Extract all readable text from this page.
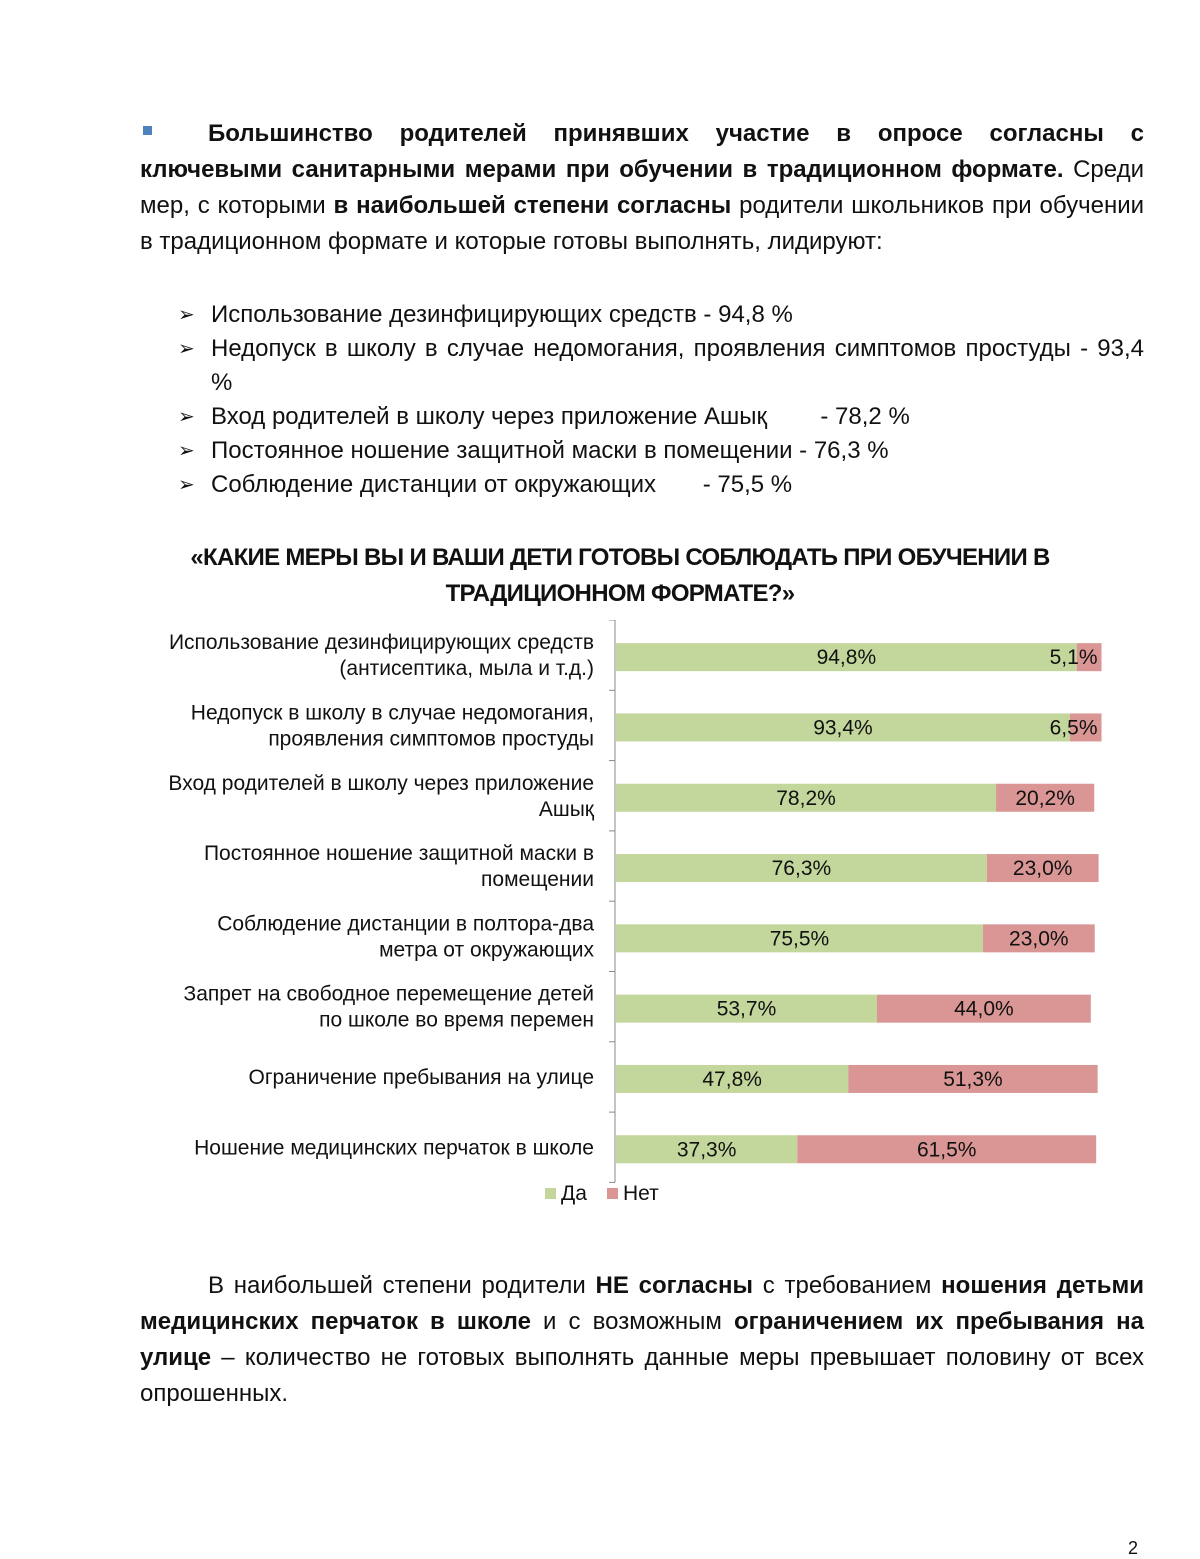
Большинство родителей принявших участие в опросе согласны с ключевыми санитарными мерами при обучении в традиционном формате. Среди мер, с которыми в наибольшей степени согласны родители школьников при обучении в традиционном формате и которые готовы выполнять, лидируют:

➢ Использование дезинфицирующих средств - 94,8 %
➢ Недопуск в школу в случае недомогания, проявления симптомов простуды - 93,4 %
➢ Вход родителей в школу через приложение Ашық        - 78,2 %
➢ Постоянное ношение защитной маски в помещении - 76,3 %
➢ Соблюдение дистанции от окружающих       - 75,5 %
«КАКИЕ МЕРЫ ВЫ И ВАШИ ДЕТИ ГОТОВЫ СОБЛЮДАТЬ ПРИ ОБУЧЕНИИ В
ТРАДИЦИОННОМ ФОРМАТЕ?»
Использование дезинфицирующих средств
(антисептика, мыла и т.д.)	94,8%	5,1%
Недопуск в школу в случае недомогания,
проявления симптомов простуды	93,4%	6,5%
Вход родителей в школу через приложение
Ашық	78,2%	20,2%
Постоянное ношение защитной маски в
помещении	76,3%	23,0%
Соблюдение дистанции в полтора-два
метра от окружающих	75,5%	23,0%
Запрет на свободное перемещение детей
по школе во время перемен	53,7%	44,0%
Ограничение пребывания на улице	47,8%	51,3%
Ношение медицинских перчаток в школе	37,3%	61,5%
Да Нет

В наибольшей степени родители НЕ согласны с требованием ношения детьми медицинских перчаток в школе и с возможным ограничением их пребывания на улице – количество не готовых выполнять данные меры превышает половину от всех опрошенных.

2
